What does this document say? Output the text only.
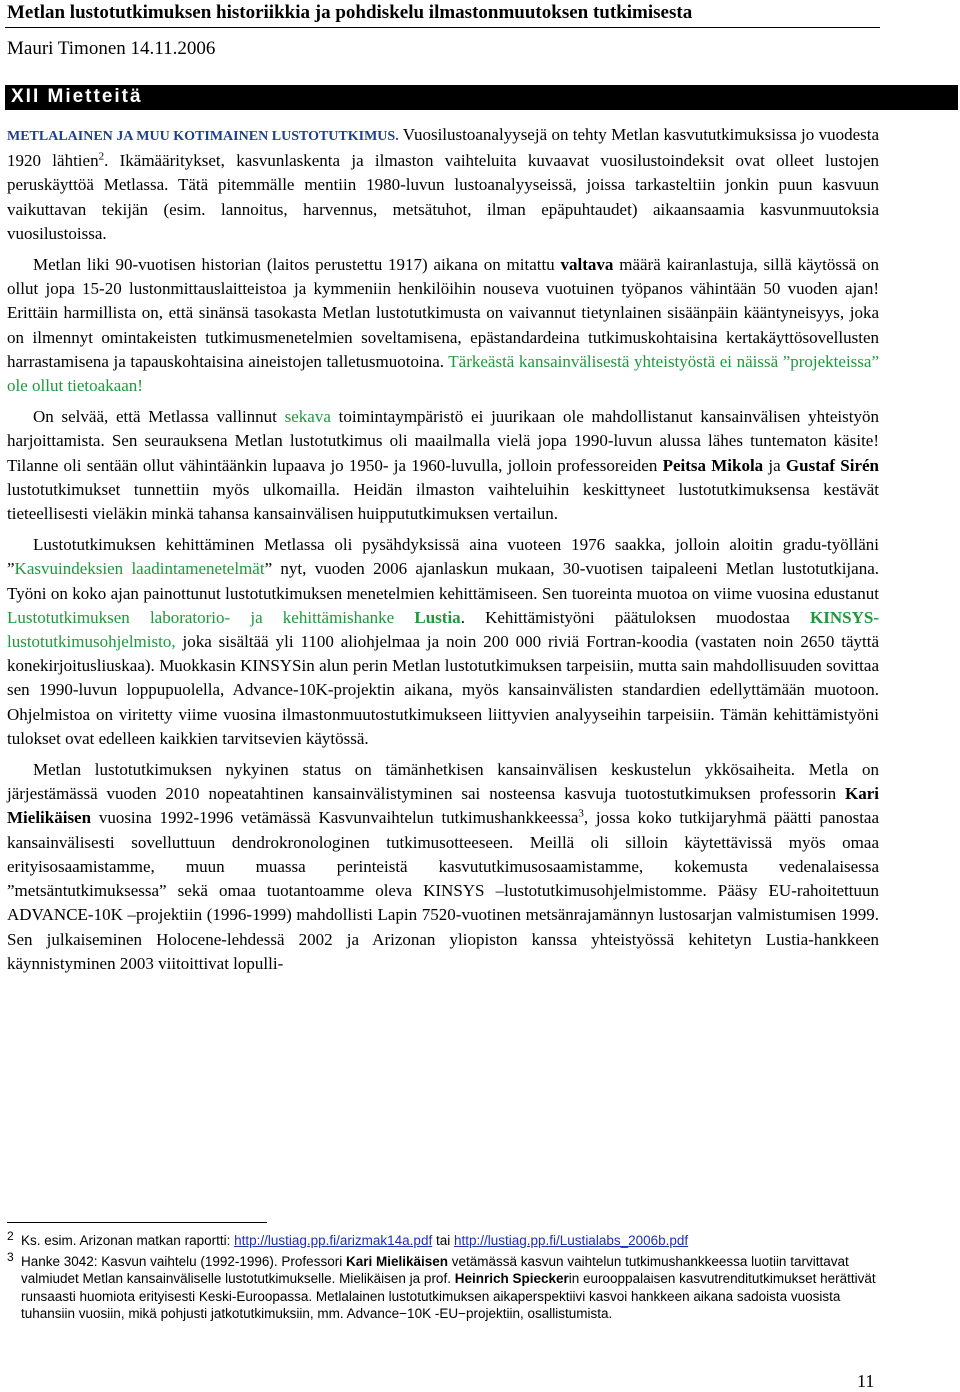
Metlan lustotutkimuksen historiikkia ja pohdiskelu ilmastonmuutoksen tutkimisesta
Mauri Timonen 14.11.2006
XII Mietteitä

METLALAINEN JA MUU KOTIMAINEN LUSTOTUTKIMUS. Vuosilustoanalyysejä on tehty Metlan kasvututkimuksissa jo vuodesta 1920 lähtien$^2$. Ikämääritykset, kasvunlaskenta ja ilmaston vaihteluita kuvaavat vuosilustoindeksit ovat olleet lustojen peruskäyttöä Metlassa. Tätä pitemmälle mentiin 1980-luvun lustoanalyyseissä, joissa tarkasteltiin jonkin puun kasvuun vaikuttavan tekijän (esim. lannoitus, harvennus, metsätuhot, ilman epäpuhtaudet) aikaansaamia kasvunmuutoksia vuosilustoissa.

Metlan liki 90-vuotisen historian (laitos perustettu 1917) aikana on mitattu valtava määrä kairanlastuja, sillä käytössä on ollut jopa 15-20 lustonmittauslaitteistoa ja kymmeniin henkilöihin nouseva vuotuinen työpanos vähintään 50 vuoden ajan! Erittäin harmillista on, että sinänsä tasokasta Metlan lustotutkimusta on vaivannut tietynlainen sisäänpäin kääntyneisyys, joka on ilmennyt omintakeisten tutkimusmenetelmien soveltamisena, epästandardeina tutkimuskohtaisina kertakäyttösovellusten harrastamisena ja tapauskohtaisina aineistojen talletusmuotoina. Tärkeästä kansainvälisestä yhteistyöstä ei näissä ”projekteissa” ole ollut tietoakaan!

On selvää, että Metlassa vallinnut sekava toimintaympäristö ei juurikaan ole mahdollistanut kansainvälisen yhteistyön harjoittamista. Sen seurauksena Metlan lustotutkimus oli maailmalla vielä jopa 1990-luvun alussa lähes tuntematon käsite! Tilanne oli sentään ollut vähintäänkin lupaava jo 1950- ja 1960-luvulla, jolloin professoreiden Peitsa Mikola ja Gustaf Sirén lustotutkimukset tunnettiin myös ulkomailla. Heidän ilmaston vaihteluihin keskittyneet lustotutkimuksensa kestävät tieteellisesti vieläkin minkä tahansa kansainvälisen huippututkimuksen vertailun.

Lustotutkimuksen kehittäminen Metlassa oli pysähdyksissä aina vuoteen 1976 saakka, jolloin aloitin gradu-työlläni ”Kasvuindeksien laadintamenetelmät” nyt, vuoden 2006 ajanlaskun mukaan, 30-vuotisen taipaleeni Metlan lustotutkijana. Työni on koko ajan painottunut lustotutkimuksen menetelmien kehittämiseen. Sen tuoreinta muotoa on viime vuosina edustanut Lustotutkimuksen laboratorio- ja kehittämishanke Lustia. Kehittämistyöni päätuloksen muodostaa KINSYS-lustotutkimusohjelmisto, joka sisältää yli 1100 aliohjelmaa ja noin 200 000 riviä Fortran-koodia (vastaten noin 2650 täyttä konekirjoitusliuskaa). Muokkasin KINSYSin alun perin Metlan lustotutkimuksen tarpeisiin, mutta sain mahdollisuuden sovittaa sen 1990-luvun loppupuolella, Advance-10K-projektin aikana, myös kansainvälisten standardien edellyttämään muotoon. Ohjelmistoa on viritetty viime vuosina ilmastonmuutostutkimukseen liittyvien analyyseihin tarpeisiin. Tämän kehittämistyöni tulokset ovat edelleen kaikkien tarvitsevien käytössä.

Metlan lustotutkimuksen nykyinen status on tämänhetkisen kansainvälisen keskustelun ykkösaiheita. Metla on järjestämässä vuoden 2010 nopeatahtinen kansainvälistyminen sai nosteensa kasvuja tuotostutkimuksen professorin Kari Mielikäisen vuosina 1992-1996 vetämässä Kasvunvaihtelun tutkimushankkeessa$^3$, jossa koko tutkijaryhmä päätti panostaa kansainvälisesti sovelluttuun dendrokronologinen tutkimusotteeseen. Meillä oli silloin käytettävissä myös omaa erityisosaamistamme, muun muassa perinteistä kasvututkimusosaamistamme, kokemusta vedenalaisessa ”metsäntutkimuksessa” sekä omaa tuotantoamme oleva KINSYS –lustotutkimusohjelmistomme. Pääsy EU-rahoitettuun ADVANCE-10K –projektiin (1996-1999) mahdollisti Lapin 7520-vuotinen metsänrajamännyn lustosarjan valmistumisen 1999. Sen julkaiseminen Holocene-lehdessä 2002 ja Arizonan yliopiston kanssa yhteistyössä kehitetyn Lustia-hankkeen käynnistyminen 2003 viitoittivat lopulli-

2 Ks. esim. Arizonan matkan raportti: http://lustiag.pp.fi/arizmak14a.pdf tai http://lustiag.pp.fi/Lustialabs_2006b.pdf

3 Hanke 3042: Kasvun vaihtelu (1992-1996). Professori Kari Mielikäisen vetämässä kasvun vaihtelun tutkimushankkeessa luotiin tarvittavat valmiudet Metlan kansainväliselle lustotutkimukselle. Mielikäisen ja prof. Heinrich Spieckerin eurooppalaisen kasvutrenditutkimukset herättivät runsaasti huomiota erityisesti Keski-Euroopassa. Metlalainen lustotutkimuksen aikaperspektiivi kasvoi hankkeen aikana sadoista vuosista tuhansiin vuosiin, mikä pohjusti jatkotutkimuksiin, mm. Advance−10K -EU−projektiin, osallistumista.

11
